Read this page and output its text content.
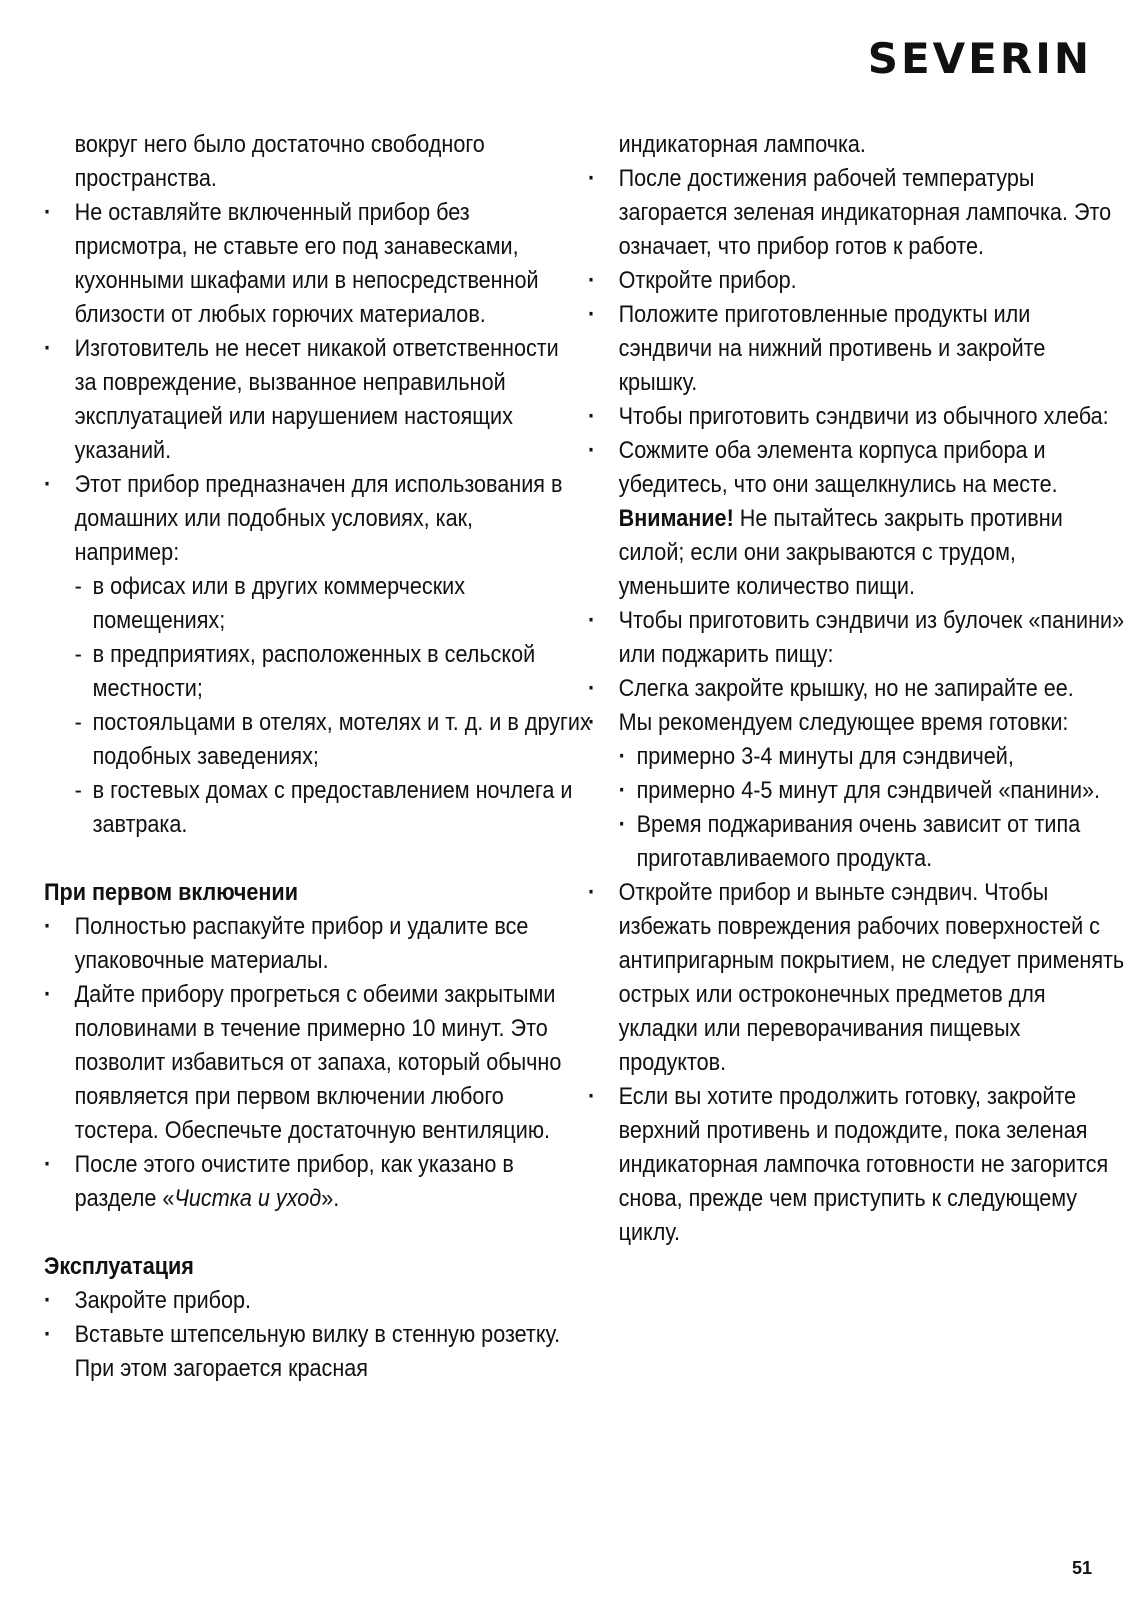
SEVERIN
вокруг него было достаточно свободного пространства.
· Не оставляйте включенный прибор без присмотра, не ставьте его под занавесками, кухонными шкафами или в непосредственной близости от любых горючих материалов.
· Изготовитель не несет никакой ответственности за повреждение, вызванное неправильной эксплуатацией или нарушением настоящих указаний.
· Этот прибор предназначен для использования в домашних или подобных условиях, как, например:
- в офисах или в других коммерческих помещениях;
- в предприятиях, расположенных в сельской местности;
- постояльцами в отелях, мотелях и т. д. и в других подобных заведениях;
- в гостевых домах с предоставлением ночлега и завтрака.
При первом включении
· Полностью распакуйте прибор и удалите все упаковочные материалы.
· Дайте прибору прогреться с обеими закрытыми половинами в течение примерно 10 минут. Это позволит избавиться от запаха, который обычно появляется при первом включении любого тостера. Обеспечьте достаточную вентиляцию.
· После этого очистите прибор, как указано в разделе «Чистка и уход».
Эксплуатация
· Закройте прибор.
· Вставьте штепсельную вилку в стенную розетку. При этом загорается красная
индикаторная лампочка.
· После достижения рабочей температуры загорается зеленая индикаторная лампочка. Это означает, что прибор готов к работе.
· Откройте прибор.
· Положите приготовленные продукты или сэндвичи на нижний противень и закройте крышку.
· Чтобы приготовить сэндвичи из обычного хлеба:
· Сожмите оба элемента корпуса прибора и убедитесь, что они защелкнулись на месте. Внимание! Не пытайтесь закрыть противни силой; если они закрываются с трудом, уменьшите количество пищи.
· Чтобы приготовить сэндвичи из булочек «панини» или поджарить пищу:
· Слегка закройте крышку, но не запирайте ее.
· Мы рекомендуем следующее время готовки:
· примерно 3-4 минуты для сэндвичей,
· примерно 4-5 минут для сэндвичей «панини».
· Время поджаривания очень зависит от типа приготавливаемого продукта.
· Откройте прибор и выньте сэндвич. Чтобы избежать повреждения рабочих поверхностей с антипригарным покрытием, не следует применять острых или остроконечных предметов для укладки или переворачивания пищевых продуктов.
· Если вы хотите продолжить готовку, закройте верхний противень и подождите, пока зеленая индикаторная лампочка готовности не загорится снова, прежде чем приступить к следующему циклу.
51
